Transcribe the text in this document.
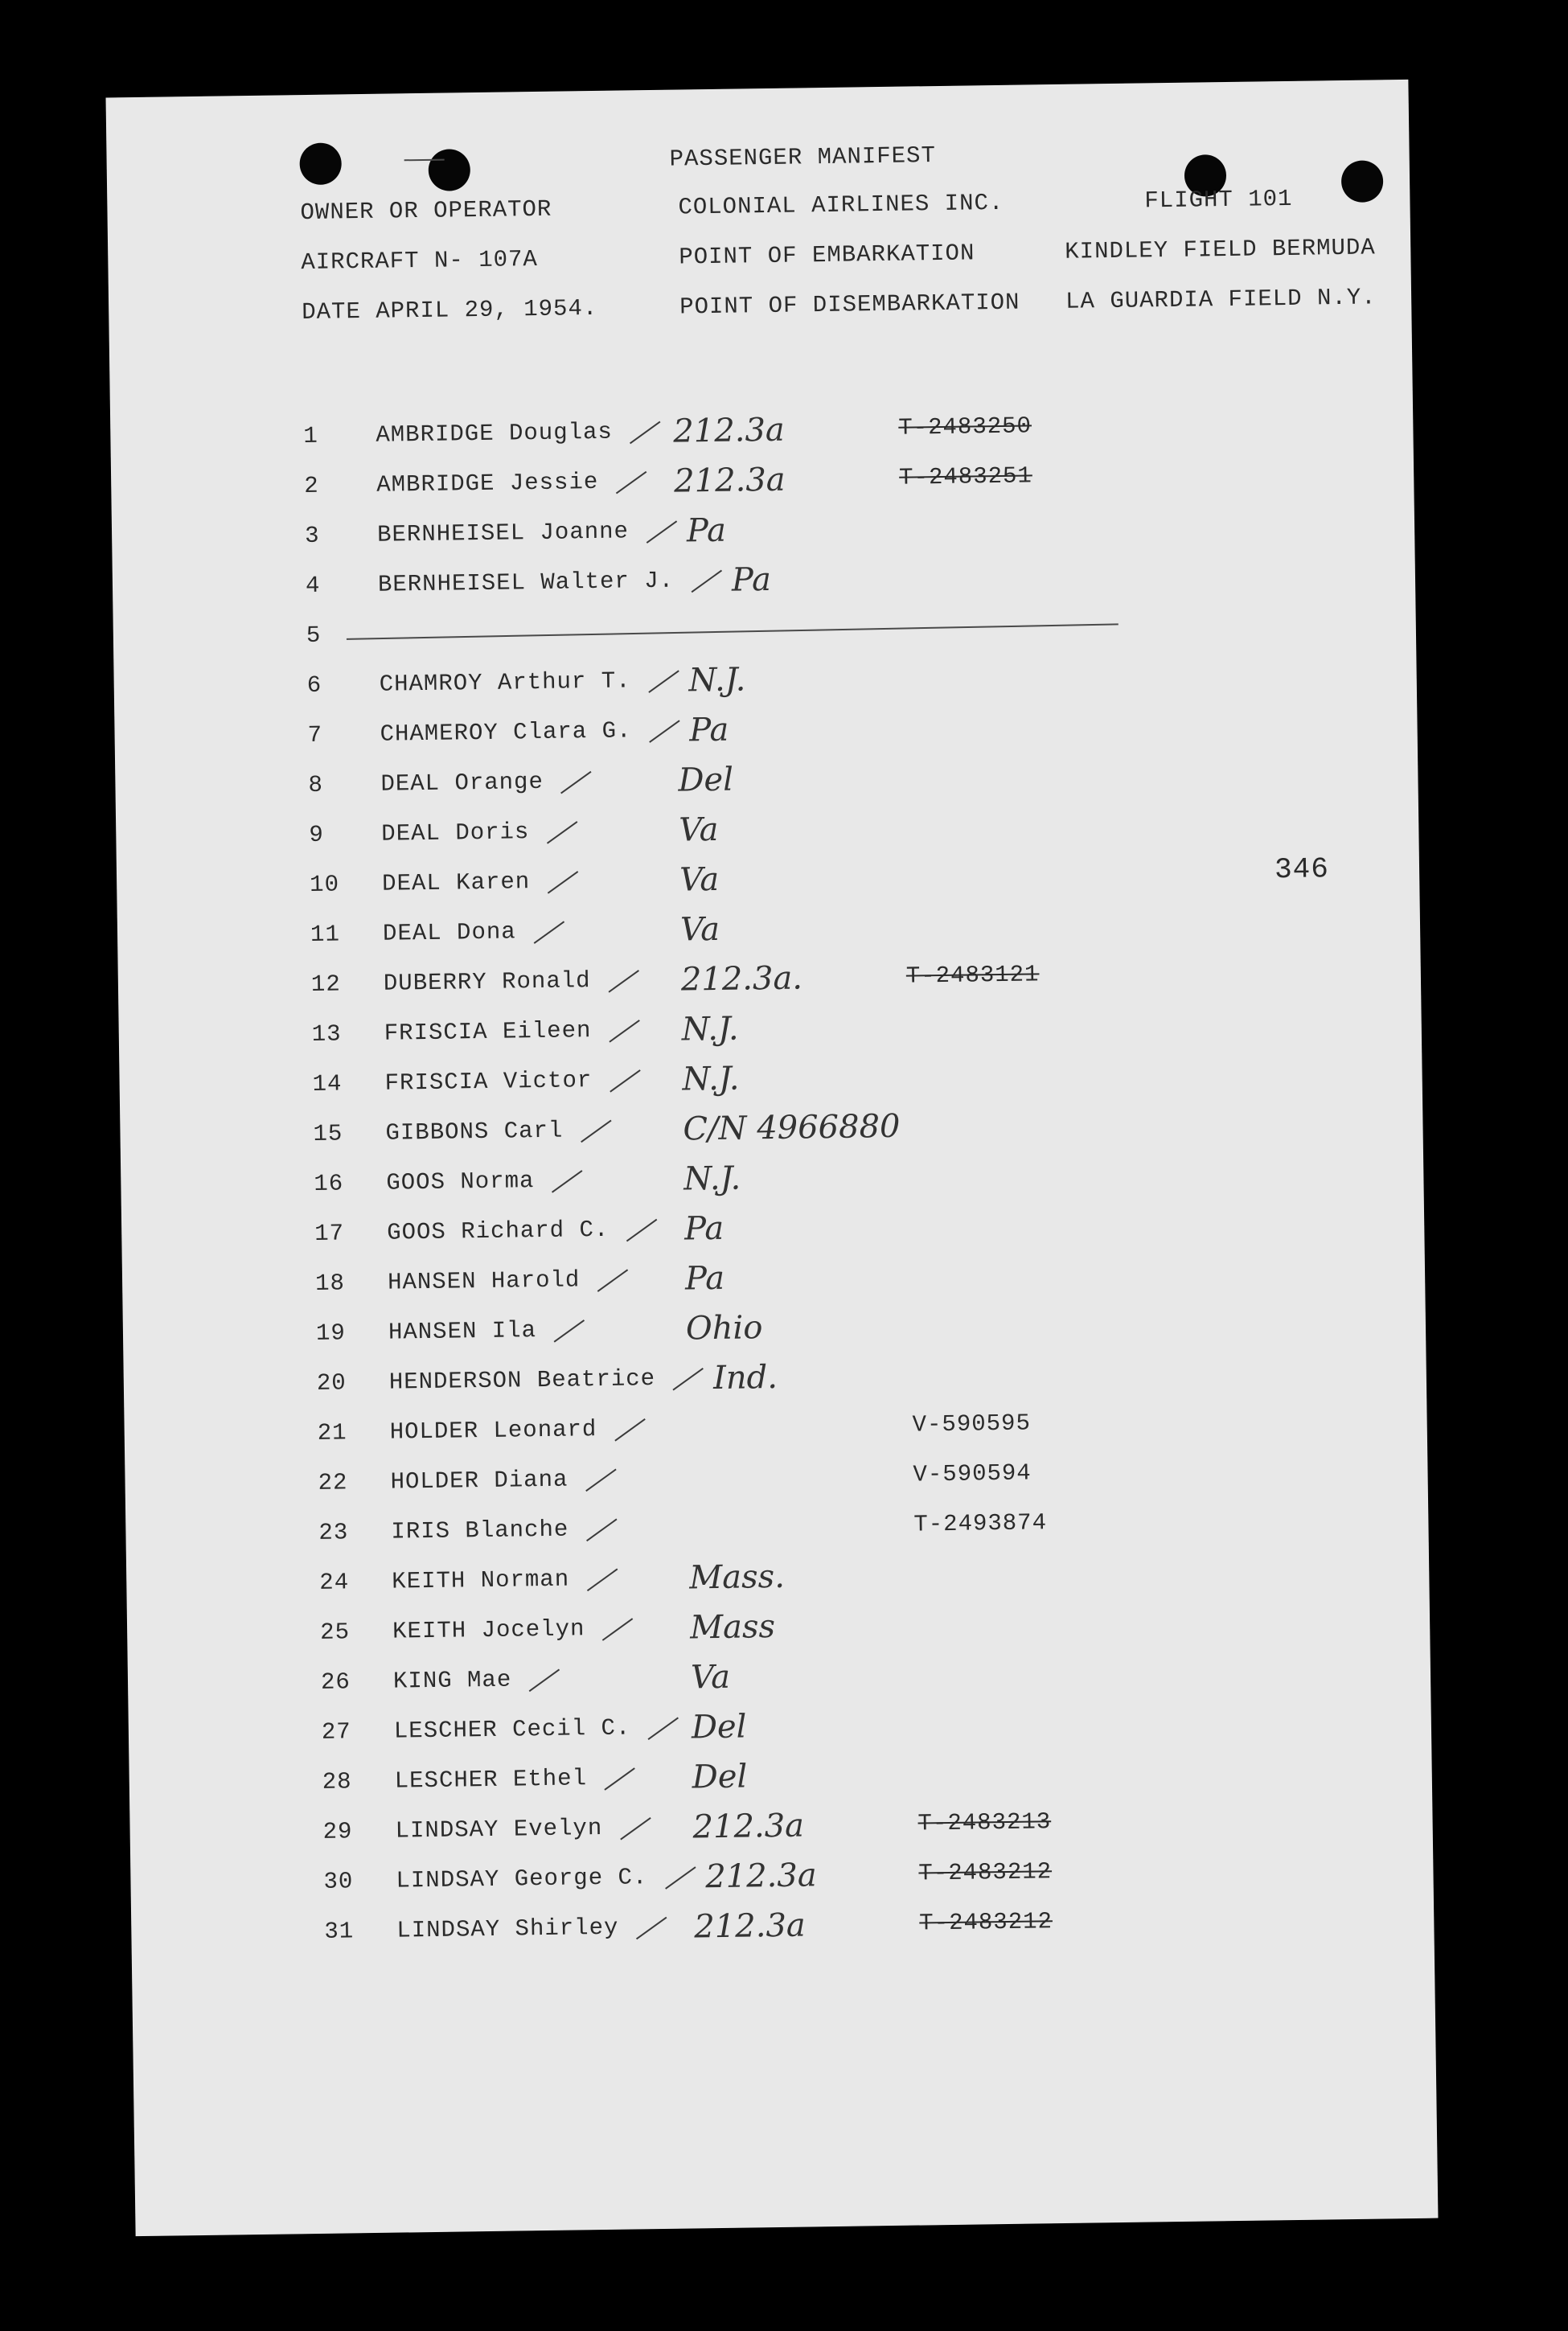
PASSENGER MANIFEST
OWNER OR OPERATOR	COLONIAL AIRLINES INC.	FLIGHT 101
AIRCRAFT N- 107A	POINT OF EMBARKATION	KINDLEY FIELD BERMUDA
DATE APRIL 29, 1954.	POINT OF DISEMBARKATION LA GUARDIA FIELD N.Y.
346
1 AMBRIDGE Douglas 212.3a	T-2483250
2 AMBRIDGE Jessie 212.3a	T-2483251
3 BERNHEISEL Joanne Pa
4 BERNHEISEL Walter J. Pa
5
6 CHAMROY Arthur T. N.J.
7 CHAMEROY Clara G. Pa
8 DEAL Orange	Del
9 DEAL Doris	Va
10 DEAL Karen	Va
11 DEAL Dona	Va
12 DUBERRY Ronald	212.3a.	T-2483121
13 FRISCIA Eileen	N.J.
14 FRISCIA Victor	N.J.
15 GIBBONS Carl	C/N 4966880
16 GOOS Norma	N.J.
17 GOOS Richard C. Pa
18 HANSEN Harold	Pa
19 HANSEN Ila	Ohio
20 HENDERSON Beatrice Ind.
21 HOLDER Leonard	V-590595
22 HOLDER Diana	V-590594
23 IRIS Blanche	T-2493874
24 KEITH Norman	Mass.
25 KEITH Jocelyn	Mass
26 KING Mae	Va
27 LESCHER Cecil C. Del
28 LESCHER Ethel	Del
29 LINDSAY Evelyn	212.3a	T-2483213
30 LINDSAY George C. 212.3a	T-2483212
31 LINDSAY Shirley 212.3a	T-2483212
